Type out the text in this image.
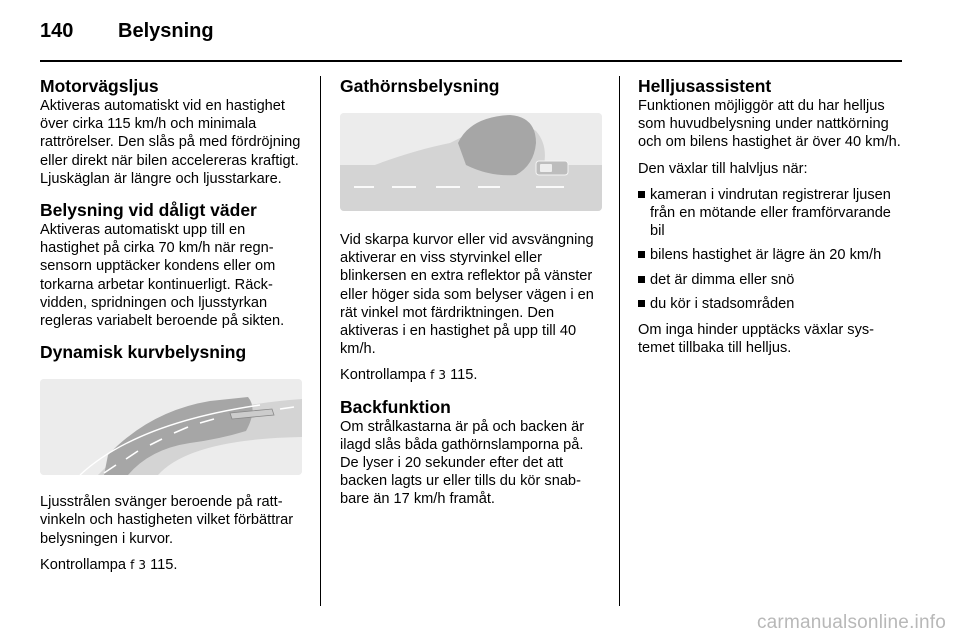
140	Belysning
Motorvägsljus

Aktiveras automatiskt vid en hastighet över cirka 115 km/h och minimala rattrörelser. Den slås på med fördröjning eller direkt när bilen accelereras kraftigt. Ljuskäglan är längre och ljusstarkare.

Belysning vid dåligt väder

Aktiveras automatiskt upp till en hastighet på cirka 70 km/h när regnsensorn upptäcker kondens eller om torkarna arbetar kontinuerligt. Räckvidden, spridningen och ljusstyrkan regleras variabelt beroende på sikten.

Dynamisk kurvbelysning

Ljusstrålen svänger beroende på rattvinkeln och hastigheten vilket förbättrar belysningen i kurvor.

Kontrollampa f 3 115.

Gathörnsbelysning

Vid skarpa kurvor eller vid avsvängning aktiverar en viss styrvinkel eller blinkersen en extra reflektor på vänster eller höger sida som belyser vägen i en rät vinkel mot färdriktningen. Den aktiveras i en hastighet på upp till 40 km/h.

Kontrollampa f 3 115.

Backfunktion

Om strålkastarna är på och backen är ilagd slås båda gathörnslamporna på. De lyser i 20 sekunder efter det att backen lagts ur eller tills du kör snabbare än 17 km/h framåt.

Helljusassistent

Funktionen möjliggör att du har helljus som huvudbelysning under nattkörning och om bilens hastighet är över 40 km/h.

Den växlar till halvljus när:

kameran i vindrutan registrerar ljusen från en mötande eller framförvarande bil
bilens hastighet är lägre än 20 km/h
det är dimma eller snö
du kör i stadsområden

Om inga hinder upptäcks växlar systemet tillbaka till helljus.

carmanualsonline.info
